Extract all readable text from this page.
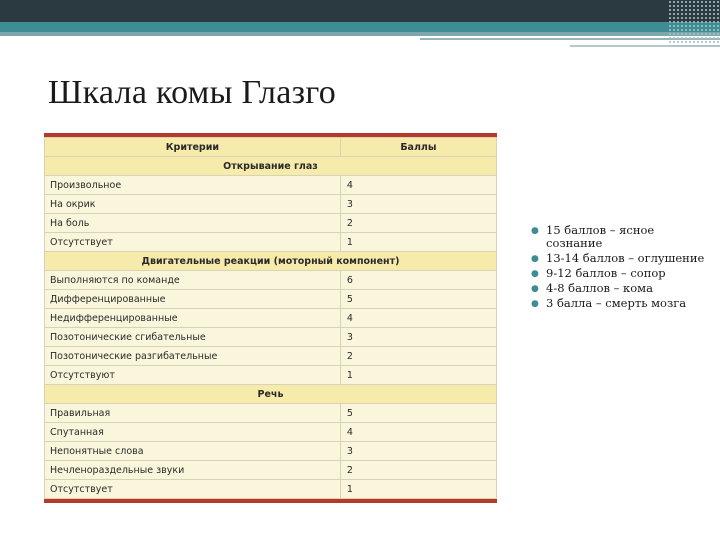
Шкала комы Глазго
Критерии	Баллы
Открывание глаз	
Произвольное	4
На окрик	3
На боль	2
Отсутствует	1
Двигательные реакции (моторный компонент)	
Выполняются по команде	6
Дифференцированные	5
Недифференцированные	4
Позотонические сгибательные	3
Позотонические разгибательные	2
Отсутствуют	1
Речь	
Правильная	5
Спутанная	4
Непонятные слова	3
Нечленораздельные звуки	2
Отсутствует	1
● 15 баллов – ясное сознание
● 13-14 баллов – оглушение
● 9-12 баллов – сопор
● 4-8 баллов – кома
● 3 балла – смерть мозга
